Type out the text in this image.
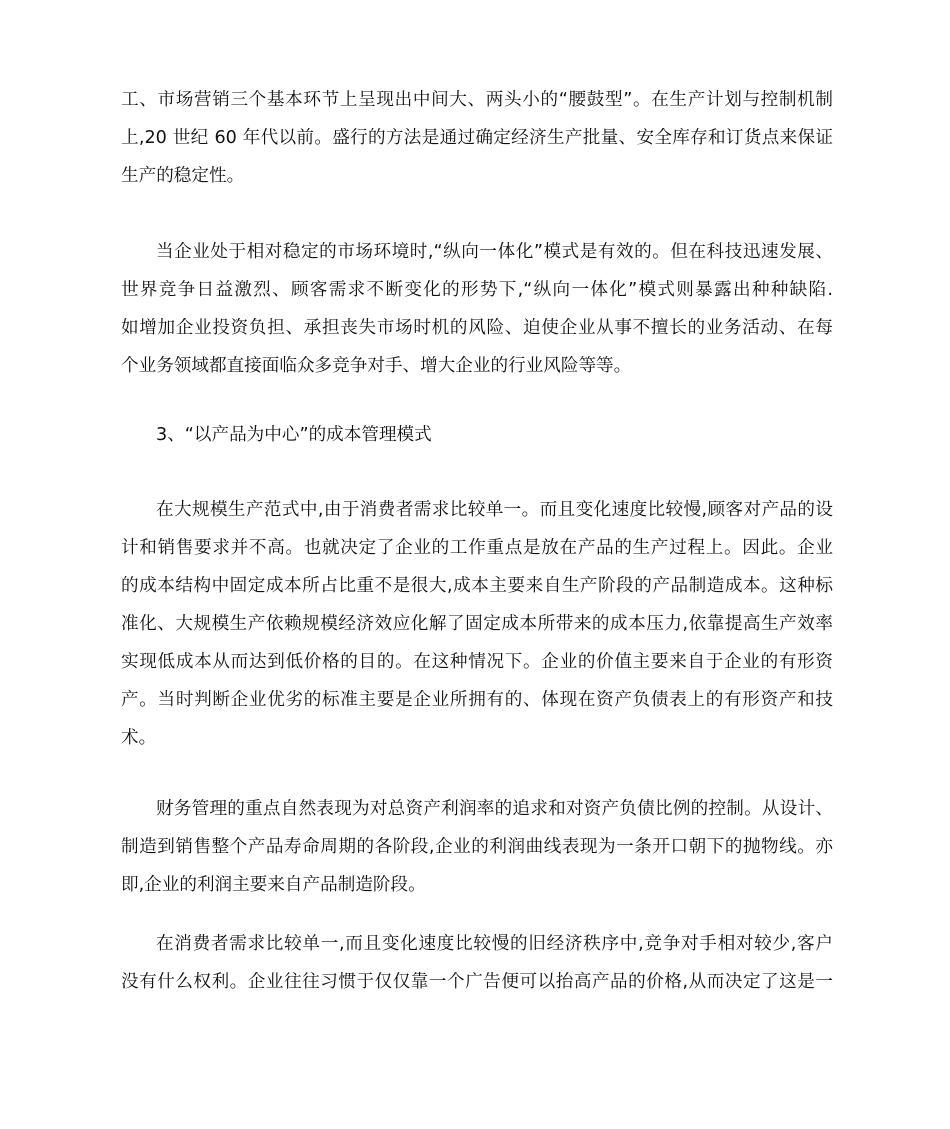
工、市场营销三个基本环节上呈现出中间大、两头小的“腰鼓型”。在生产计划与控制机制
上,20 世纪 60 年代以前。盛行的方法是通过确定经济生产批量、安全库存和订货点来保证
生产的稳定性。
当企业处于相对稳定的市场环境时,“纵向一体化”模式是有效的。但在科技迅速发展、
世界竞争日益激烈、顾客需求不断变化的形势下,“纵向一体化”模式则暴露出种种缺陷.
如增加企业投资负担、承担丧失市场时机的风险、迫使企业从事不擅长的业务活动、在每
个业务领域都直接面临众多竞争对手、增大企业的行业风险等等。
3、“以产品为中心”的成本管理模式
在大规模生产范式中,由于消费者需求比较单一。而且变化速度比较慢,顾客对产品的设
计和销售要求并不高。也就决定了企业的工作重点是放在产品的生产过程上。因此。企业
的成本结构中固定成本所占比重不是很大,成本主要来自生产阶段的产品制造成本。这种标
准化、大规模生产依赖规模经济效应化解了固定成本所带来的成本压力,依靠提高生产效率
实现低成本从而达到低价格的目的。在这种情况下。企业的价值主要来自于企业的有形资
产。当时判断企业优劣的标准主要是企业所拥有的、体现在资产负债表上的有形资产和技
术。
财务管理的重点自然表现为对总资产利润率的追求和对资产负债比例的控制。从设计、
制造到销售整个产品寿命周期的各阶段,企业的利润曲线表现为一条开口朝下的抛物线。亦
即,企业的利润主要来自产品制造阶段。
在消费者需求比较单一,而且变化速度比较慢的旧经济秩序中,竞争对手相对较少,客户
没有什么权利。企业往往习惯于仅仅靠一个广告便可以抬高产品的价格,从而决定了这是一
